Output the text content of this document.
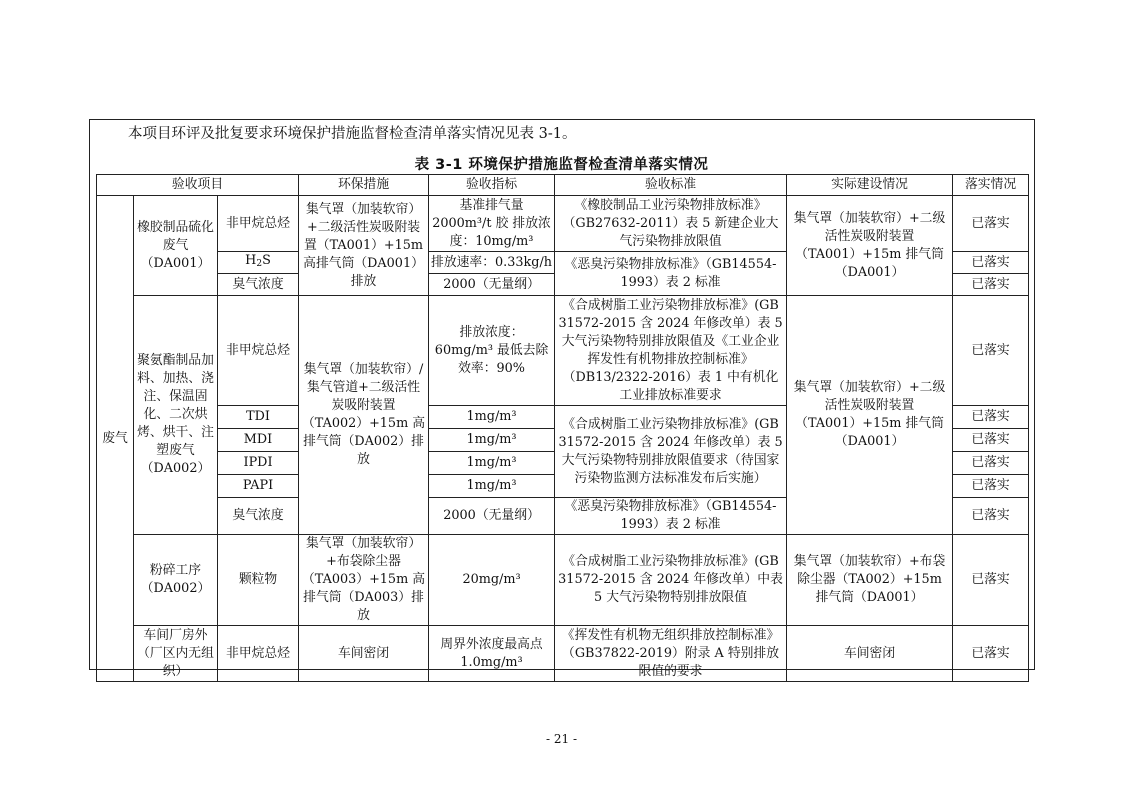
本项目环评及批复要求环境保护措施监督检查清单落实情况见表 3-1。
表 3-1 环境保护措施监督检查清单落实情况
验收项目			环保措施	验收指标	验收标准	实际建设情况	落实情况
废气	橡胶制品硫化废气（DA001）	非甲烷总烃	集气罩（加装软帘）+二级活性炭吸附装置（TA001）+15m 高排气筒（DA001）排放	基准排气量 2000m³/t 胶 排放浓度：10mg/m³	《橡胶制品工业污染物排放标准》（GB27632-2011）表 5 新建企业大气污染物排放限值	集气罩（加装软帘）+二级活性炭吸附装置（TA001）+15m 排气筒（DA001）	已落实
		$H_2S$		排放速率：0.33kg/h	《恶臭污染物排放标准》（GB14554-1993）表 2 标准		已落实
		臭气浓度		2000（无量纲）			已落实
	聚氨酯制品加料、加热、浇注、保温固化、二次烘烤、烘干、注塑废气（DA002）	非甲烷总烃	集气罩（加装软帘）/集气管道+二级活性炭吸附装置（TA002）+15m 高排气筒（DA002）排放	排放浓度：60mg/m³ 最低去除效率：90%	《合成树脂工业污染物排放标准》(GB 31572-2015 含 2024 年修改单）表 5 大气污染物特别排放限值及《工业企业挥发性有机物排放控制标准》（DB13/2322-2016）表 1 中有机化工业排放标准要求	集气罩（加装软帘）+二级活性炭吸附装置（TA001）+15m 排气筒（DA001）	已落实
		TDI		1mg/m³	《合成树脂工业污染物排放标准》(GB 31572-2015 含 2024 年修改单）表 5 大气污染物特别排放限值要求（待国家污染物监测方法标准发布后实施）		已落实
		MDI		1mg/m³			已落实
		IPDI		1mg/m³			已落实
		PAPI		1mg/m³			已落实
		臭气浓度		2000（无量纲）	《恶臭污染物排放标准》（GB14554-1993）表 2 标准		已落实
	粉碎工序（DA002）	颗粒物	集气罩（加装软帘）+布袋除尘器（TA003）+15m 高排气筒（DA003）排放	20mg/m³	《合成树脂工业污染物排放标准》(GB 31572-2015 含 2024 年修改单）中表 5 大气污染物特别排放限值	集气罩（加装软帘）+布袋除尘器（TA002）+15m 排气筒（DA001）	已落实
	车间厂房外（厂区内无组织）	非甲烷总烃	车间密闭	周界外浓度最高点 1.0mg/m³	《挥发性有机物无组织排放控制标准》（GB37822-2019）附录 A 特别排放限值的要求	车间密闭	已落实
- 21 -
